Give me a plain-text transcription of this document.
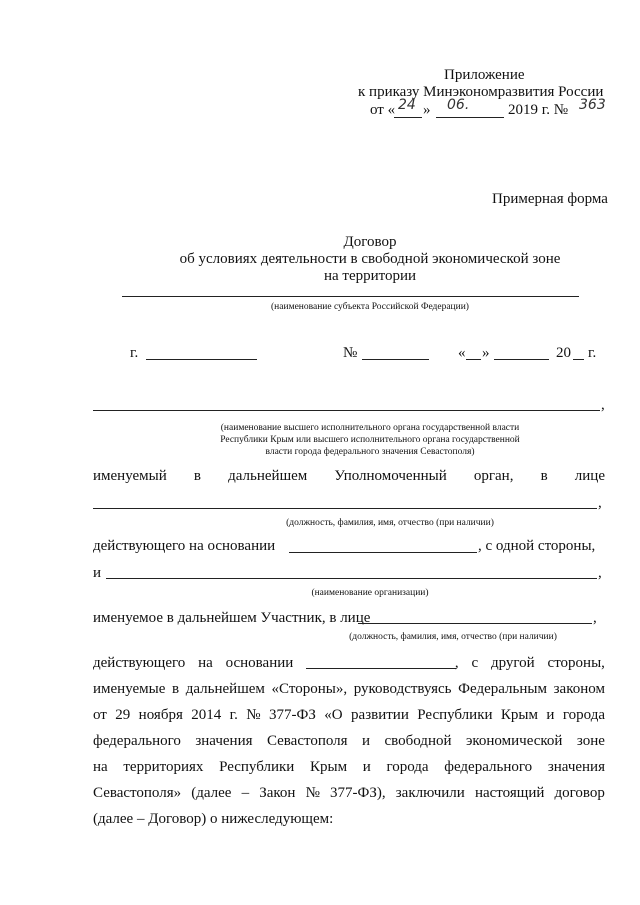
Приложение
к приказу Минэкономразвития России
от « 24 » 06.	2019 г. № 363
Примерная форма
Договор
об условиях деятельности в свободной экономической зоне
на территории
(наименование субъекта Российской Федерации)
г.	№	« »	20 г.
,
(наименование высшего исполнительного органа государственной власти
Республики Крым или высшего исполнительного органа государственной
власти города федерального значения Севастополя)
именуемый в дальнейшем Уполномоченный орган, в лице
,
(должность, фамилия, имя, отчество (при наличии)
действующего на основании	, с одной стороны,
и	,
(наименование организации)
именуемое в дальнейшем Участник, в лице	,
(должность, фамилия, имя, отчество (при наличии)
действующего на основании	, с другой стороны,
именуемые в дальнейшем «Стороны», руководствуясь Федеральным законом
от 29 ноября 2014 г. № 377-ФЗ «О развитии Республики Крым и города
федерального значения Севастополя и свободной экономической зоне
на территориях Республики Крым и города федерального значения
Севастополя» (далее – Закон № 377-ФЗ), заключили настоящий договор
(далее – Договор) о нижеследующем:
